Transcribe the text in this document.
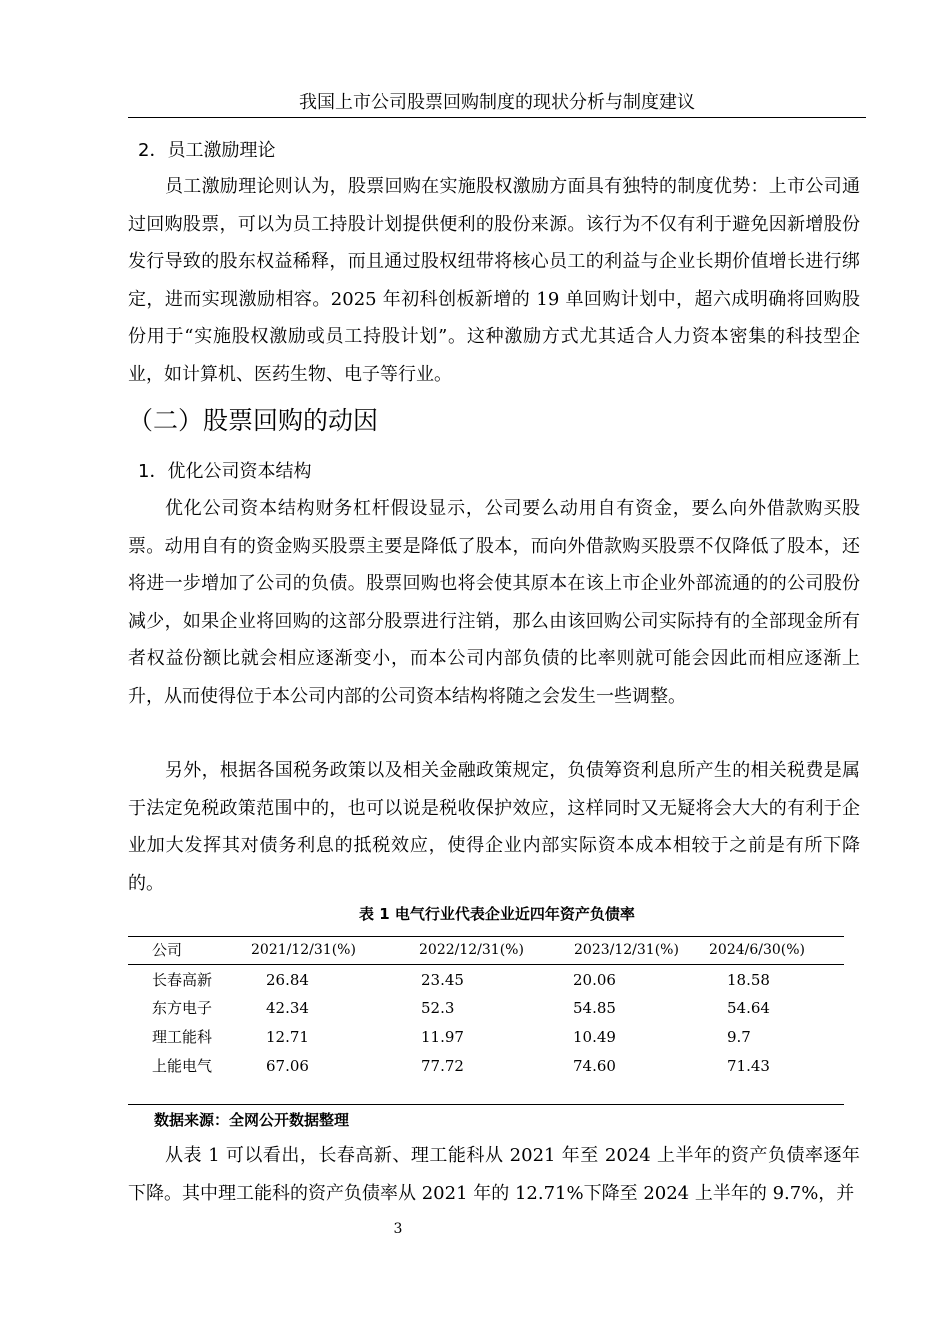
我国上市公司股票回购制度的现状分析与制度建议
2．员工激励理论

员工激励理论则认为，股票回购在实施股权激励方面具有独特的制度优势：上市公司通过回购股票，可以为员工持股计划提供便利的股份来源。该行为不仅有利于避免因新增股份发行导致的股东权益稀释，而且通过股权纽带将核心员工的利益与企业长期价值增长进行绑定，进而实现激励相容。2025 年初科创板新增的 19 单回购计划中，超六成明确将回购股份用于“实施股权激励或员工持股计划”。这种激励方式尤其适合人力资本密集的科技型企业，如计算机、医药生物、电子等行业。

（二）股票回购的动因
1．优化公司资本结构

优化公司资本结构财务杠杆假设显示，公司要么动用自有资金，要么向外借款购买股票。动用自有的资金购买股票主要是降低了股本，而向外借款购买股票不仅降低了股本，还将进一步增加了公司的负债。股票回购也将会使其原本在该上市企业外部流通的的公司股份减少，如果企业将回购的这部分股票进行注销，那么由该回购公司实际持有的全部现金所有者权益份额比就会相应逐渐变小，而本公司内部负债的比率则就可能会因此而相应逐渐上升，从而使得位于本公司内部的公司资本结构将随之会发生一些调整。

另外，根据各国税务政策以及相关金融政策规定，负债筹资利息所产生的相关税费是属于法定免税政策范围中的，也可以说是税收保护效应，这样同时又无疑将会大大的有利于企业加大发挥其对债务利息的抵税效应，使得企业内部实际资本成本相较于之前是有所下降的。

表 1 电气行业代表企业近四年资产负债率
公司	2021/12/31(%)	2022/12/31(%)	2023/12/31(%) 2024/6/30(%)
长春高新	26.84	23.45	20.06	18.58
东方电子	42.34	52.3	54.85	54.64
理工能科	12.71	11.97	10.49	9.7
上能电气	67.06	77.72	74.60	71.43
数据来源：全网公开数据整理

从表 1 可以看出，长春高新、理工能科从 2021 年至 2024 上半年的资产负债率逐年下降。其中理工能科的资产负债率从 2021 年的 12.71%下降至 2024 上半年的 9.7%，并

3
